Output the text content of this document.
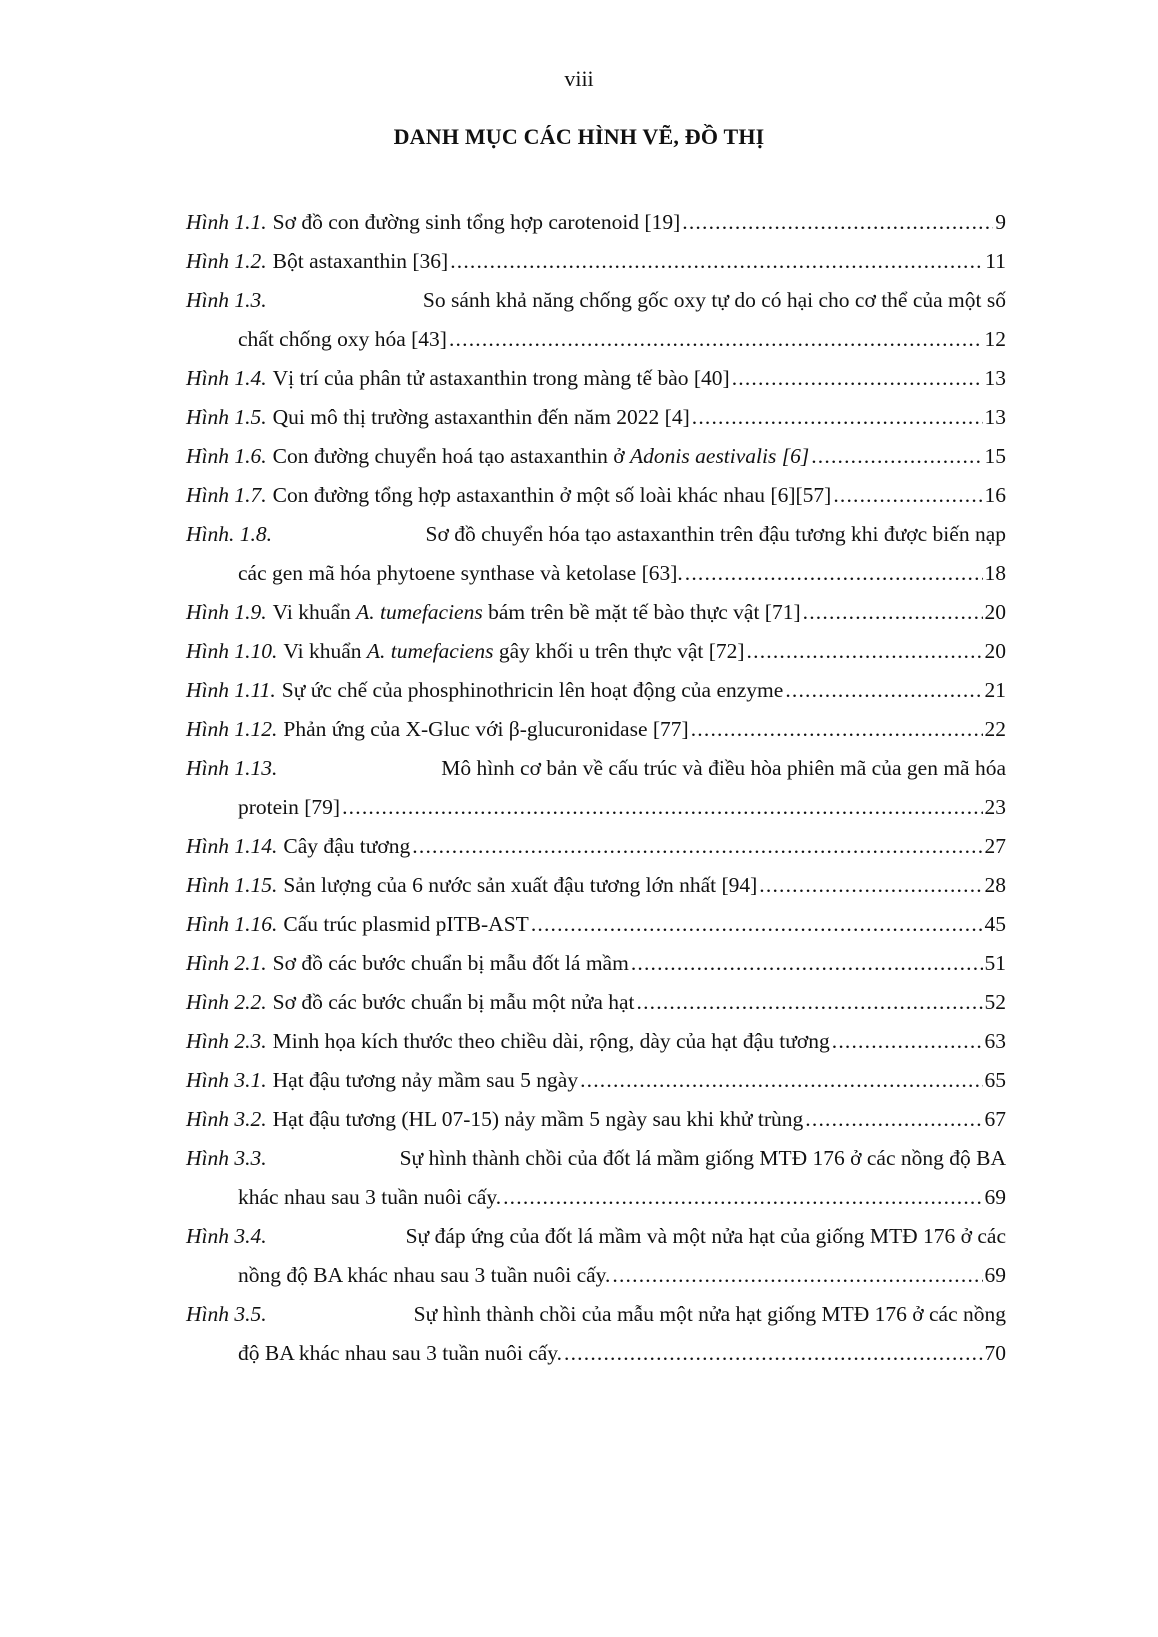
viii
DANH MỤC CÁC HÌNH VẼ, ĐỒ THỊ
Hình 1.1. Sơ đồ con đường sinh tổng hợp carotenoid [19] .....	9
Hình 1.2. Bột astaxanthin [36] .....	11
Hình 1.3.	So sánh khả năng chống gốc oxy tự do có hại cho cơ thể của một số
chất chống oxy hóa [43] .....	12
Hình 1.4. Vị trí của phân tử astaxanthin trong màng tế bào [40] .....	13
Hình 1.5. Qui mô thị trường astaxanthin đến năm 2022 [4] .....	13
Hình 1.6. Con đường chuyển hoá tạo astaxanthin ở Adonis aestivalis [6] .....	15
Hình 1.7. Con đường tổng hợp astaxanthin ở một số loài khác nhau [6][57] .....	16
Hình. 1.8.	Sơ đồ chuyển hóa tạo astaxanthin trên đậu tương khi được biến nạp
các gen mã hóa phytoene synthase và ketolase [63]. .....	18
Hình 1.9. Vi khuẩn A. tumefaciens bám trên bề mặt tế bào thực vật [71] .....	20
Hình 1.10. Vi khuẩn A. tumefaciens gây khối u trên thực vật [72] .....	20
Hình 1.11. Sự ức chế của phosphinothricin lên hoạt động của enzyme .....	21
Hình 1.12. Phản ứng của X-Gluc với β-glucuronidase [77] .....	22
Hình 1.13.	Mô hình cơ bản về cấu trúc và điều hòa phiên mã của gen mã hóa
protein [79] .....	23
Hình 1.14. Cây đậu tương .....	27
Hình 1.15. Sản lượng của 6 nước sản xuất đậu tương lớn nhất [94] .....	28
Hình 1.16. Cấu trúc plasmid pITB-AST .....	45
Hình 2.1. Sơ đồ các bước chuẩn bị mẫu đốt lá mầm .....	51
Hình 2.2. Sơ đồ các bước chuẩn bị mẫu một nửa hạt .....	52
Hình 2.3. Minh họa kích thước theo chiều dài, rộng, dày của hạt đậu tương .....	63
Hình 3.1. Hạt đậu tương nảy mầm sau 5 ngày .....	65
Hình 3.2. Hạt đậu tương (HL 07-15) nảy mầm 5 ngày sau khi khử trùng .....	67
Hình 3.3.	Sự hình thành chồi của đốt lá mầm giống MTĐ 176 ở các nồng độ BA
khác nhau sau 3 tuần nuôi cấy. .....	69
Hình 3.4.	Sự đáp ứng của đốt lá mầm và một nửa hạt của giống MTĐ 176 ở các
nồng độ BA khác nhau sau 3 tuần nuôi cấy. .....	69
Hình 3.5.	Sự hình thành chồi của mẫu một nửa hạt giống MTĐ 176 ở các nồng
độ BA khác nhau sau 3 tuần nuôi cấy. .....	70
